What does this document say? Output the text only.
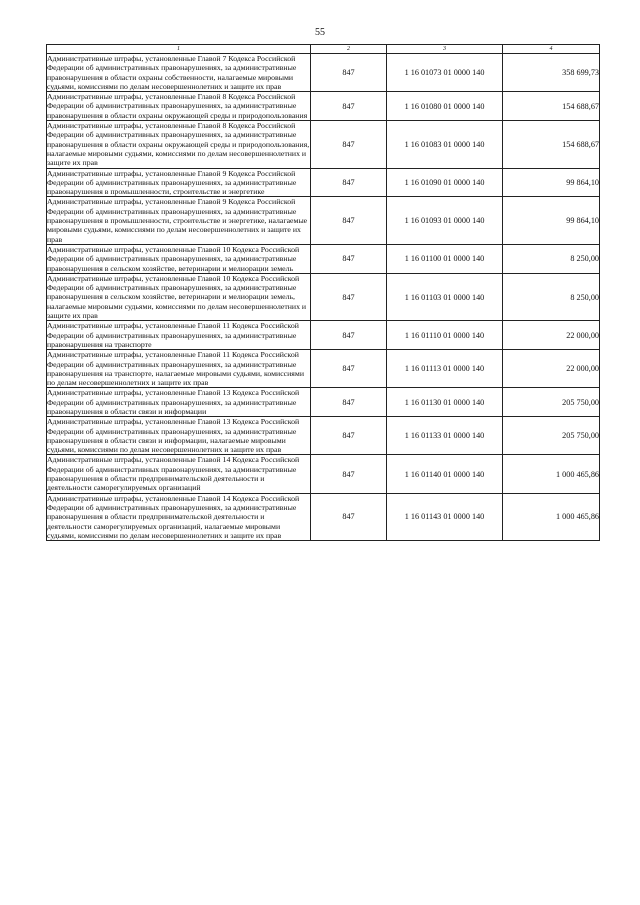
55
1	2	3	4
Административные штрафы, установленные Главой 7 Кодекса Российской Федерации об административных правонарушениях, за административные правонарушения в области охраны собственности, налагаемые мировыми судьями, комиссиями по делам несовершеннолетних и защите их прав	847	1 16 01073 01 0000 140	358 699,73
Административные штрафы, установленные Главой 8 Кодекса Российской Федерации об административных правонарушениях, за административные правонарушения в области охраны окружающей среды и природопользования	847	1 16 01080 01 0000 140	154 688,67
Административные штрафы, установленные Главой 8 Кодекса Российской Федерации об административных правонарушениях, за административные правонарушения в области охраны окружающей среды и природопользования, налагаемые мировыми судьями, комиссиями по делам несовершеннолетних и защите их прав	847	1 16 01083 01 0000 140	154 688,67
Административные штрафы, установленные Главой 9 Кодекса Российской Федерации об административных правонарушениях, за административные правонарушения в промышленности, строительстве и энергетике	847	1 16 01090 01 0000 140	99 864,10
Административные штрафы, установленные Главой 9 Кодекса Российской Федерации об административных правонарушениях, за административные правонарушения в промышленности, строительстве и энергетике, налагаемые мировыми судьями, комиссиями по делам несовершеннолетних и защите их прав	847	1 16 01093 01 0000 140	99 864,10
Административные штрафы, установленные Главой 10 Кодекса Российской Федерации об административных правонарушениях, за административные правонарушения в сельском хозяйстве, ветеринарии и мелиорации земель	847	1 16 01100 01 0000 140	8 250,00
Административные штрафы, установленные Главой 10 Кодекса Российской Федерации об административных правонарушениях, за административные правонарушения в сельском хозяйстве, ветеринарии и мелиорации земель, налагаемые мировыми судьями, комиссиями по делам несовершеннолетних и защите их прав	847	1 16 01103 01 0000 140	8 250,00
Административные штрафы, установленные Главой 11 Кодекса Российской Федерации об административных правонарушениях, за административные правонарушения на транспорте	847	1 16 01110 01 0000 140	22 000,00
Административные штрафы, установленные Главой 11 Кодекса Российской Федерации об административных правонарушениях, за административные правонарушения на транспорте, налагаемые мировыми судьями, комиссиями по делам несовершеннолетних и защите их прав	847	1 16 01113 01 0000 140	22 000,00
Административные штрафы, установленные Главой 13 Кодекса Российской Федерации об административных правонарушениях, за административные правонарушения в области связи и информации	847	1 16 01130 01 0000 140	205 750,00
Административные штрафы, установленные Главой 13 Кодекса Российской Федерации об административных правонарушениях, за административные правонарушения в области связи и информации, налагаемые мировыми судьями, комиссиями по делам несовершеннолетних и защите их прав	847	1 16 01133 01 0000 140	205 750,00
Административные штрафы, установленные Главой 14 Кодекса Российской Федерации об административных правонарушениях, за административные правонарушения в области предпринимательской деятельности и деятельности саморегулируемых организаций	847	1 16 01140 01 0000 140	1 000 465,86
Административные штрафы, установленные Главой 14 Кодекса Российской Федерации об административных правонарушениях, за административные правонарушения в области предпринимательской деятельности и деятельности саморегулируемых организаций, налагаемые мировыми судьями, комиссиями по делам несовершеннолетних и защите их прав	847	1 16 01143 01 0000 140	1 000 465,86
